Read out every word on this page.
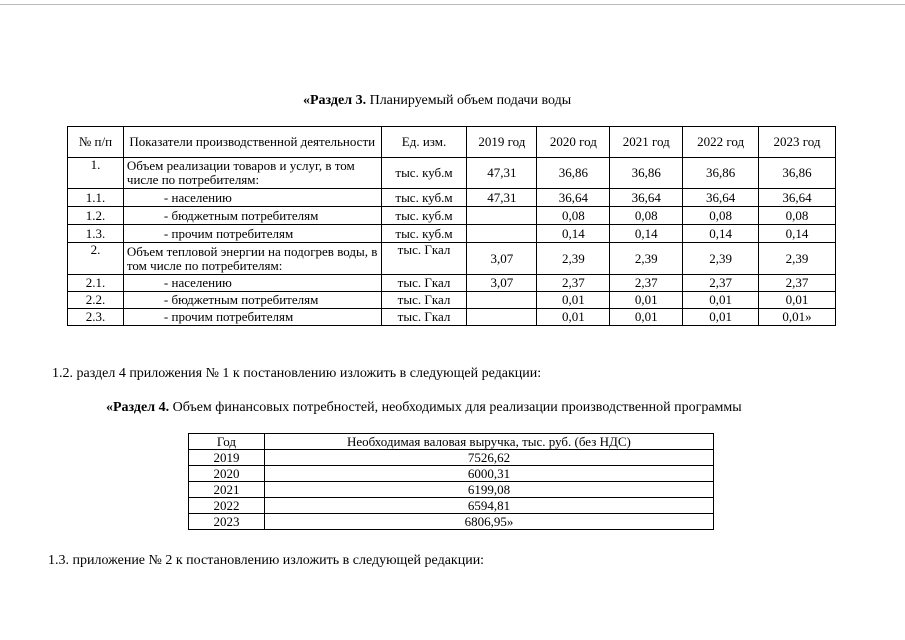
«Раздел 3. Планируемый объем подачи воды
№ п/п	Показатели производственной деятельности	Ед. изм.	2019 год	2020 год	2021 год	2022 год	2023 год
1.	Объем реализации товаров и услуг, в том числе по потребителям:	тыс. куб.м	47,31	36,86	36,86	36,86	36,86
1.1.	- населению	тыс. куб.м	47,31	36,64	36,64	36,64	36,64
1.2.	- бюджетным потребителям	тыс. куб.м		0,08	0,08	0,08	0,08
1.3.	- прочим потребителям	тыс. куб.м		0,14	0,14	0,14	0,14
2.	Объем тепловой энергии на подогрев воды, в том числе по потребителям:	тыс. Гкал	3,07	2,39	2,39	2,39	2,39
2.1.	- населению	тыс. Гкал	3,07	2,37	2,37	2,37	2,37
2.2.	- бюджетным потребителям	тыс. Гкал		0,01	0,01	0,01	0,01
2.3.	- прочим потребителям	тыс. Гкал		0,01	0,01	0,01	0,01»
1.2. раздел 4 приложения № 1 к постановлению изложить в следующей редакции:
«Раздел 4. Объем финансовых потребностей, необходимых для реализации производственной программы
Год	Необходимая валовая выручка, тыс. руб. (без НДС)
2019	7526,62
2020	6000,31
2021	6199,08
2022	6594,81
2023	6806,95»
1.3. приложение № 2 к постановлению изложить в следующей редакции:
